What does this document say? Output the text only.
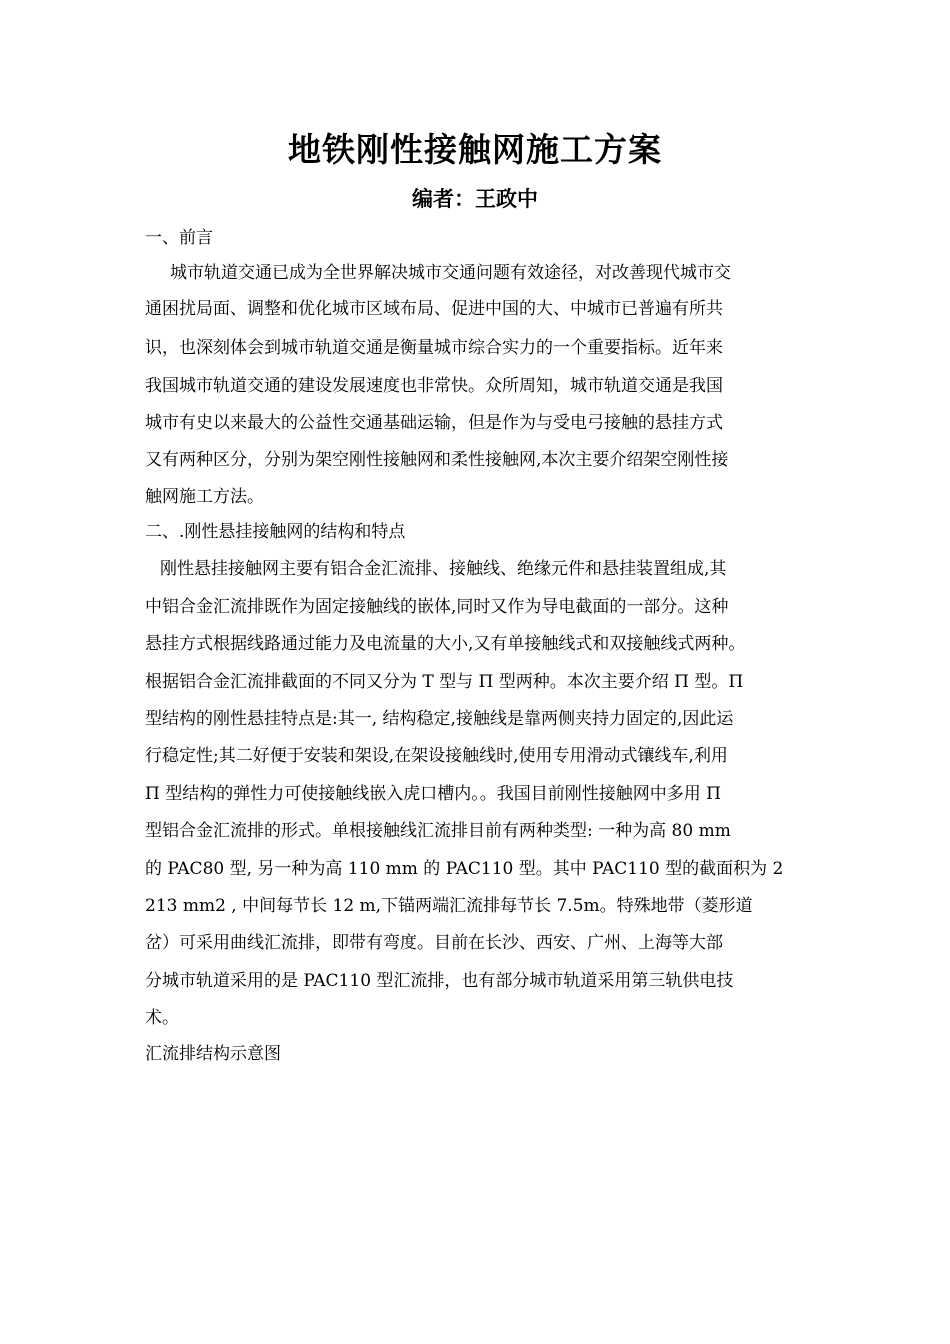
地铁刚性接触网施工方案
编者：王政中
一、前言
城市轨道交通已成为全世界解决城市交通问题有效途径，对改善现代城市交
通困扰局面、调整和优化城市区域布局、促进中国的大、中城市已普遍有所共
识，也深刻体会到城市轨道交通是衡量城市综合实力的一个重要指标。近年来
我国城市轨道交通的建设发展速度也非常快。众所周知，城市轨道交通是我国
城市有史以来最大的公益性交通基础运输，但是作为与受电弓接触的悬挂方式
又有两种区分，分别为架空刚性接触网和柔性接触网,本次主要介绍架空刚性接
触网施工方法。
二、.刚性悬挂接触网的结构和特点
刚性悬挂接触网主要有铝合金汇流排、接触线、绝缘元件和悬挂装置组成,其
中铝合金汇流排既作为固定接触线的嵌体,同时又作为导电截面的一部分。这种
悬挂方式根据线路通过能力及电流量的大小,又有单接触线式和双接触线式两种。
根据铝合金汇流排截面的不同又分为 T 型与 Π 型两种。本次主要介绍 Π 型。Π
型结构的刚性悬挂特点是:其一, 结构稳定,接触线是靠两侧夹持力固定的,因此运
行稳定性;其二好便于安装和架设,在架设接触线时,使用专用滑动式镶线车,利用
Π 型结构的弹性力可使接触线嵌入虎口槽内。。我国目前刚性接触网中多用 Π
型铝合金汇流排的形式。单根接触线汇流排目前有两种类型: 一种为高 80 mm
的 PAC80 型, 另一种为高 110 mm 的 PAC110 型。其中 PAC110 型的截面积为 2
213 mm2 , 中间每节长 12 m,下锚两端汇流排每节长 7.5m。特殊地带（菱形道
岔）可采用曲线汇流排，即带有弯度。目前在长沙、西安、广州、上海等大部
分城市轨道采用的是 PAC110 型汇流排，也有部分城市轨道采用第三轨供电技
术。
汇流排结构示意图
